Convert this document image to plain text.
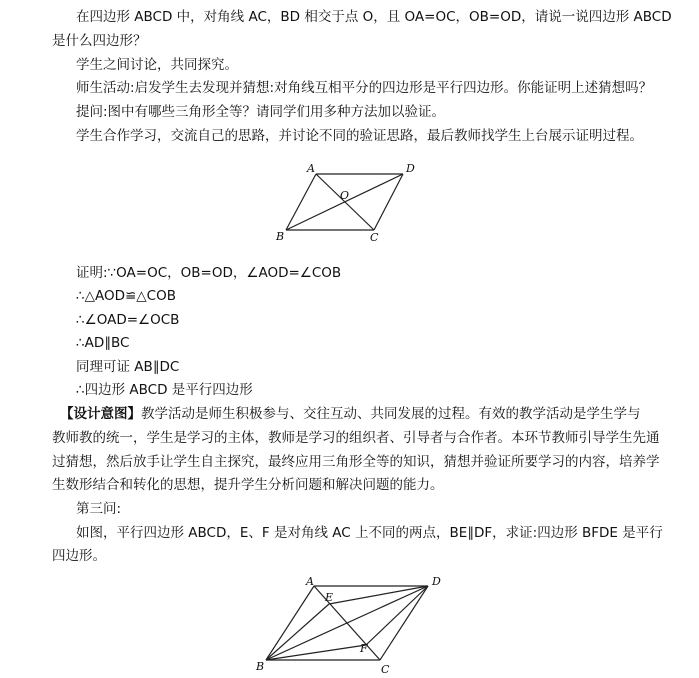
在四边形 ABCD 中，对角线 AC，BD 相交于点 O，且 OA=OC，OB=OD，请说一说四边形 ABCD

是什么四边形？

学生之间讨论，共同探究。

师生活动:启发学生去发现并猜想:对角线互相平分的四边形是平行四边形。你能证明上述猜想吗？

提问:图中有哪些三角形全等？请同学们用多种方法加以验证。

学生合作学习，交流自己的思路，并讨论不同的验证思路，最后教师找学生上台展示证明过程。

A	D
O
B	C

证明:∵OA=OC，OB=OD，∠AOD=∠COB

∴△AOD≌△COB

∴∠OAD=∠OCB

∴AD∥BC

同理可证 AB∥DC

∴四边形 ABCD 是平行四边形

【设计意图】教学活动是师生积极参与、交往互动、共同发展的过程。有效的教学活动是学生学与

教师教的统一，学生是学习的主体，教师是学习的组织者、引导者与合作者。本环节教师引导学生先通

过猜想，然后放手让学生自主探究，最终应用三角形全等的知识，猜想并验证所要学习的内容，培养学

生数形结合和转化的思想，提升学生分析问题和解决问题的能力。

第三问:

如图，平行四边形 ABCD，E、F 是对角线 AC 上不同的两点，BE∥DF，求证:四边形 BFDE 是平行

四边形。

A	D
E
F
B	C
